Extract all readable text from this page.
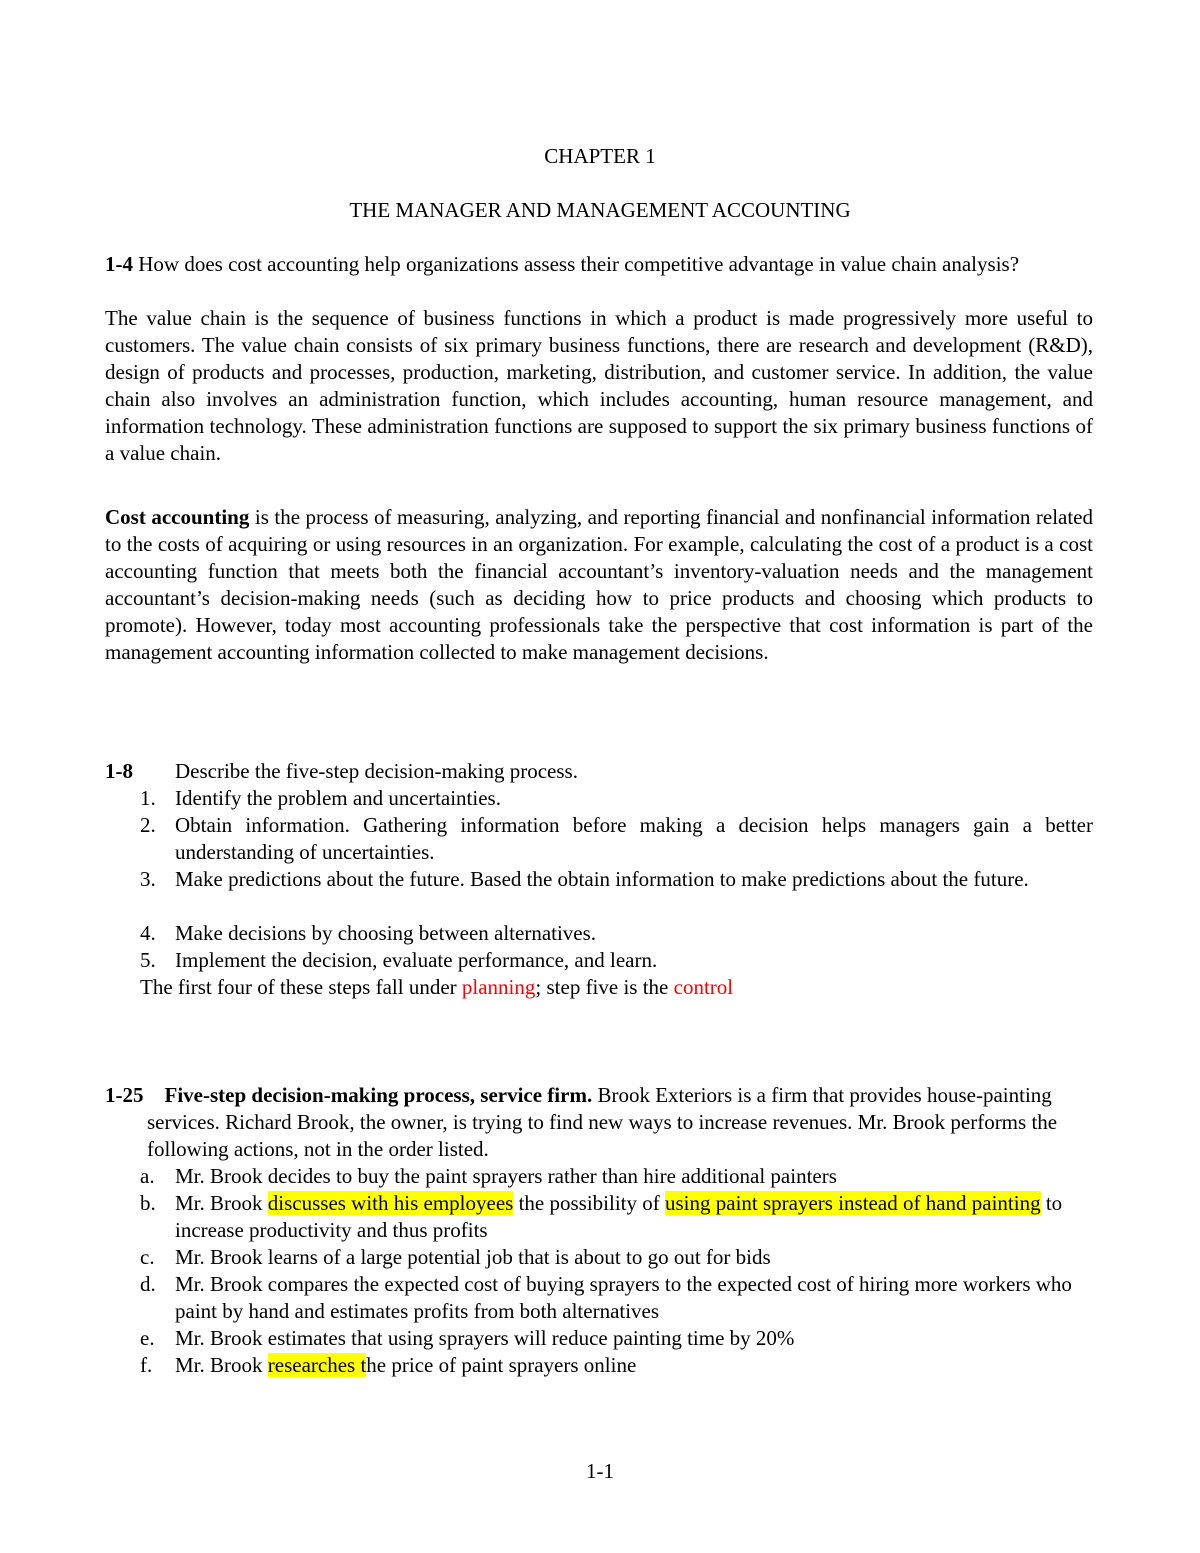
CHAPTER 1
THE MANAGER AND MANAGEMENT ACCOUNTING
1-4 How does cost accounting help organizations assess their competitive advantage in value chain analysis?
The value chain is the sequence of business functions in which a product is made progressively more useful to customers. The value chain consists of six primary business functions, there are research and development (R&D), design of products and processes, production, marketing, distribution, and customer service. In addition, the value chain also involves an administration function, which includes accounting, human resource management, and information technology. These administration functions are supposed to support the six primary business functions of a value chain.
Cost accounting is the process of measuring, analyzing, and reporting financial and nonfinancial information related to the costs of acquiring or using resources in an organization. For example, calculating the cost of a product is a cost accounting function that meets both the financial accountant’s inventory-valuation needs and the management accountant’s decision-making needs (such as deciding how to price products and choosing which products to promote). However, today most accounting professionals take the perspective that cost information is part of the management accounting information collected to make management decisions.
1-8 Describe the five-step decision-making process.
1. Identify the problem and uncertainties.
2. Obtain information. Gathering information before making a decision helps managers gain a better understanding of uncertainties.
3. Make predictions about the future. Based the obtain information to make predictions about the future.
4. Make decisions by choosing between alternatives.
5. Implement the decision, evaluate performance, and learn.
The first four of these steps fall under planning; step five is the control
1-25 Five-step decision-making process, service firm. Brook Exteriors is a firm that provides house-painting services. Richard Brook, the owner, is trying to find new ways to increase revenues. Mr. Brook performs the following actions, not in the order listed.
a. Mr. Brook decides to buy the paint sprayers rather than hire additional painters
b. Mr. Brook discusses with his employees the possibility of using paint sprayers instead of hand painting to increase productivity and thus profits
c. Mr. Brook learns of a large potential job that is about to go out for bids
d. Mr. Brook compares the expected cost of buying sprayers to the expected cost of hiring more workers who paint by hand and estimates profits from both alternatives
e. Mr. Brook estimates that using sprayers will reduce painting time by 20%
f. Mr. Brook researches the price of paint sprayers online
1-1
